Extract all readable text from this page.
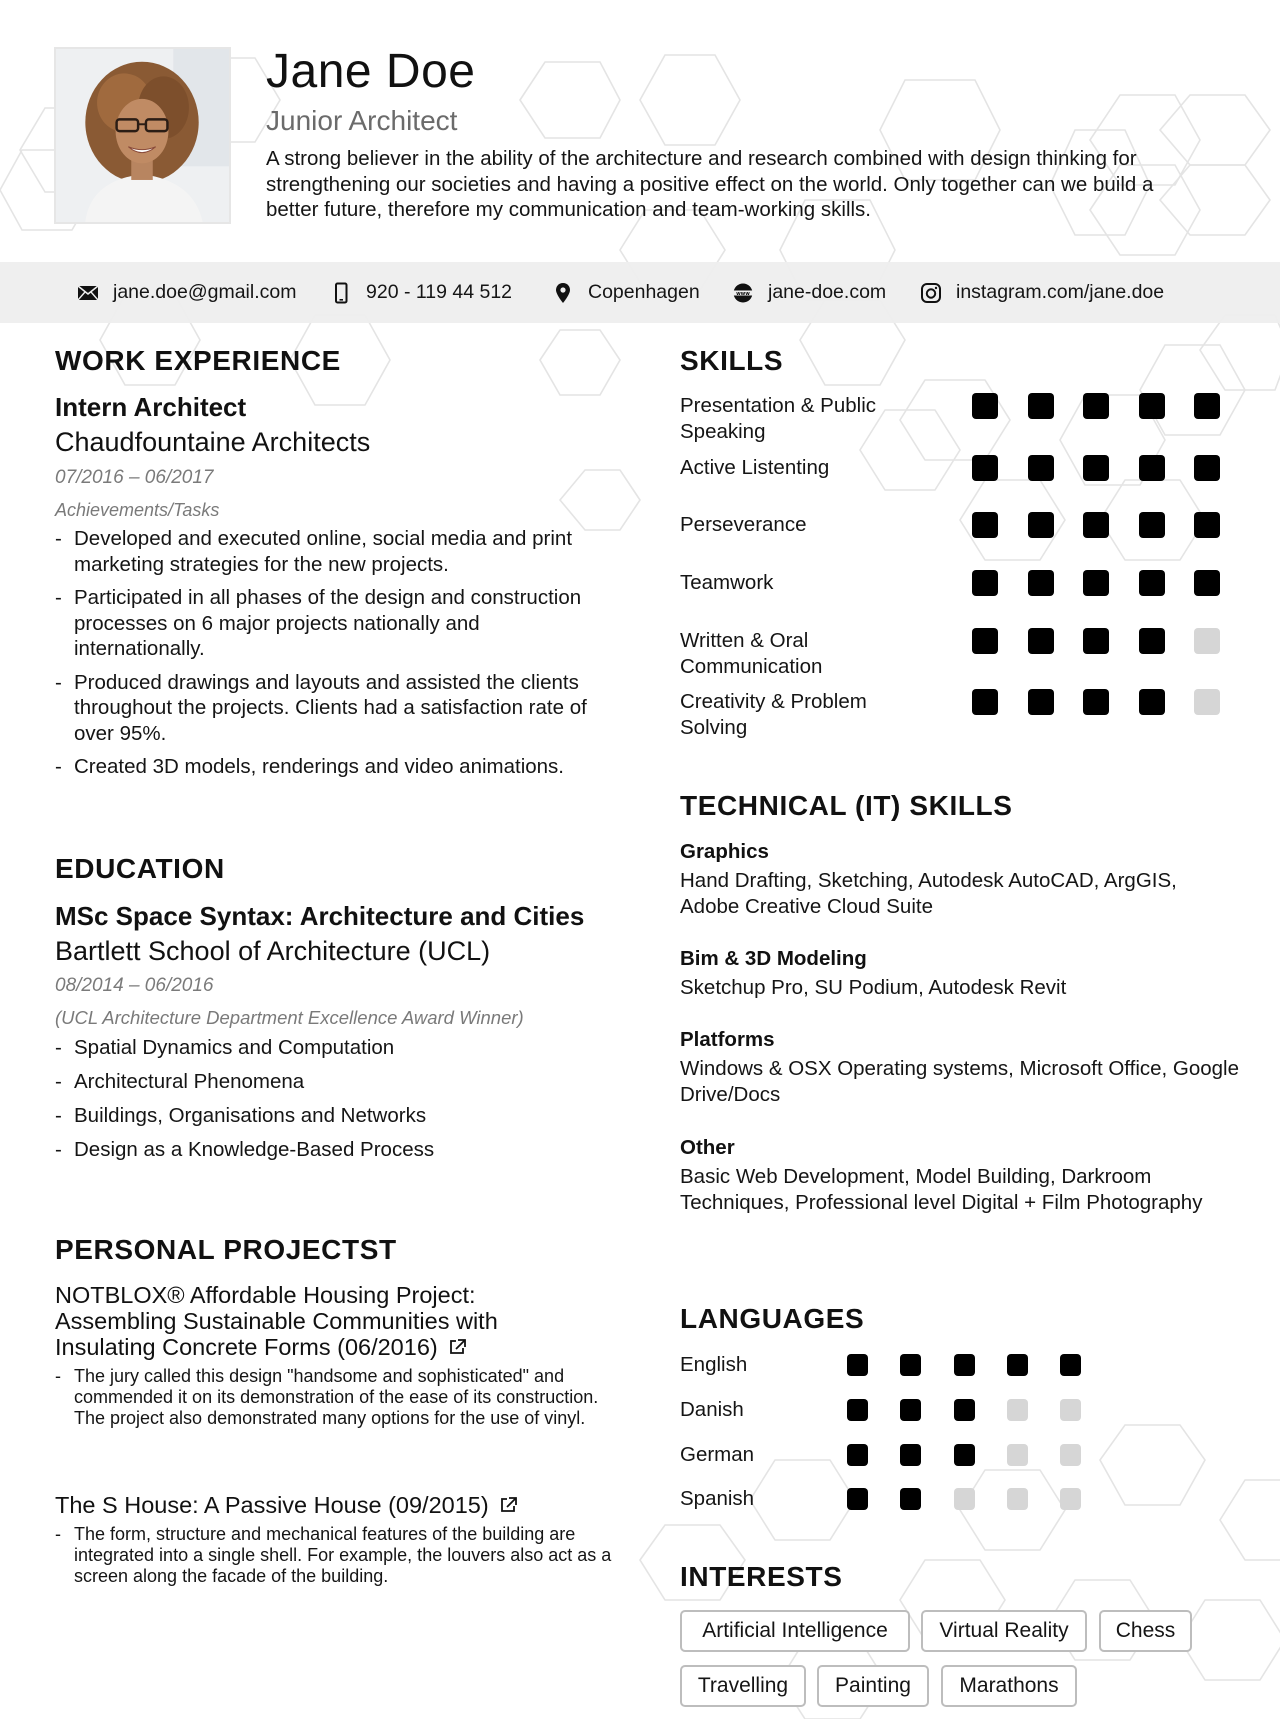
Jane Doe
Junior Architect
A strong believer in the ability of the architecture and research combined with design thinking for strengthening our societies and having a positive effect on the world. Only together can we build a better future, therefore my communication and team-working skills.
jane.doe@gmail.com	920 - 119 44 512	Copenhagen	www jane-doe.com	instagram.com/jane.doe
WORK EXPERIENCE
Intern Architect
Chaudfountaine Architects
07/2016 – 06/2017
Achievements/Tasks
- Developed and executed online, social media and print marketing strategies for the new projects.
- Participated in all phases of the design and construction processes on 6 major projects nationally and internationally.
- Produced drawings and layouts and assisted the clients throughout the projects. Clients had a satisfaction rate of over 95%.
- Created 3D models, renderings and video animations.
EDUCATION
MSc Space Syntax: Architecture and Cities
Bartlett School of Architecture (UCL)
08/2014 – 06/2016
(UCL Architecture Department Excellence Award Winner)
- Spatial Dynamics and Computation
- Architectural Phenomena
- Buildings, Organisations and Networks
- Design as a Knowledge-Based Process
PERSONAL PROJECTST
NOTBLOX® Affordable Housing Project: Assembling Sustainable Communities with Insulating Concrete Forms (06/2016)
- The jury called this design "handsome and sophisticated" and commended it on its demonstration of the ease of its construction. The project also demonstrated many options for the use of vinyl.
The S House: A Passive House (09/2015)
- The form, structure and mechanical features of the building are integrated into a single shell. For example, the louvers also act as a screen along the facade of the building.
SKILLS
Presentation & Public Speaking
Active Listenting
Perseverance
Teamwork
Written & Oral Communication
Creativity & Problem Solving
TECHNICAL (IT) SKILLS
Graphics
Hand Drafting, Sketching, Autodesk AutoCAD, ArgGIS, Adobe Creative Cloud Suite
Bim & 3D Modeling
Sketchup Pro, SU Podium, Autodesk Revit
Platforms
Windows & OSX Operating systems, Microsoft Office, Google Drive/Docs
Other
Basic Web Development, Model Building, Darkroom Techniques, Professional level Digital + Film Photography
LANGUAGES
English
Danish
German
Spanish
INTERESTS
Artificial Intelligence	Virtual Reality	Chess
Travelling	Painting	Marathons
